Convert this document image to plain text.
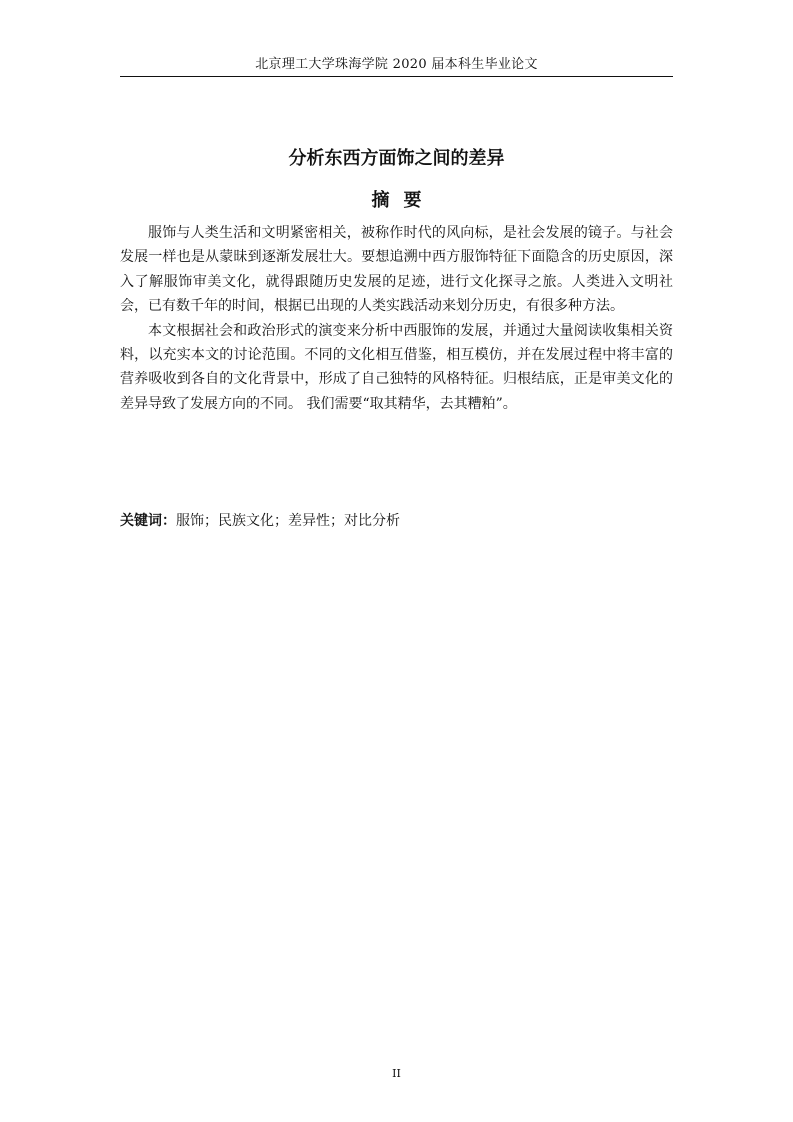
北京理工大学珠海学院 2020 届本科生毕业论文
分析东西方面饰之间的差异
摘要

服饰与人类生活和文明紧密相关，被称作时代的风向标，是社会发展的镜子。与社会发展一样也是从蒙昧到逐渐发展壮大。要想追溯中西方服饰特征下面隐含的历史原因，深入了解服饰审美文化，就得跟随历史发展的足迹，进行文化探寻之旅。人类进入文明社会，已有数千年的时间，根据已出现的人类实践活动来划分历史，有很多种方法。

本文根据社会和政治形式的演变来分析中西服饰的发展，并通过大量阅读收集相关资料，以充实本文的讨论范围。不同的文化相互借鉴，相互模仿，并在发展过程中将丰富的营养吸收到各自的文化背景中，形成了自己独特的风格特征。归根结底，正是审美文化的差异导致了发展方向的不同。 我们需要“取其精华，去其糟粕”。

关键词：服饰；民族文化；差异性；对比分析

II
